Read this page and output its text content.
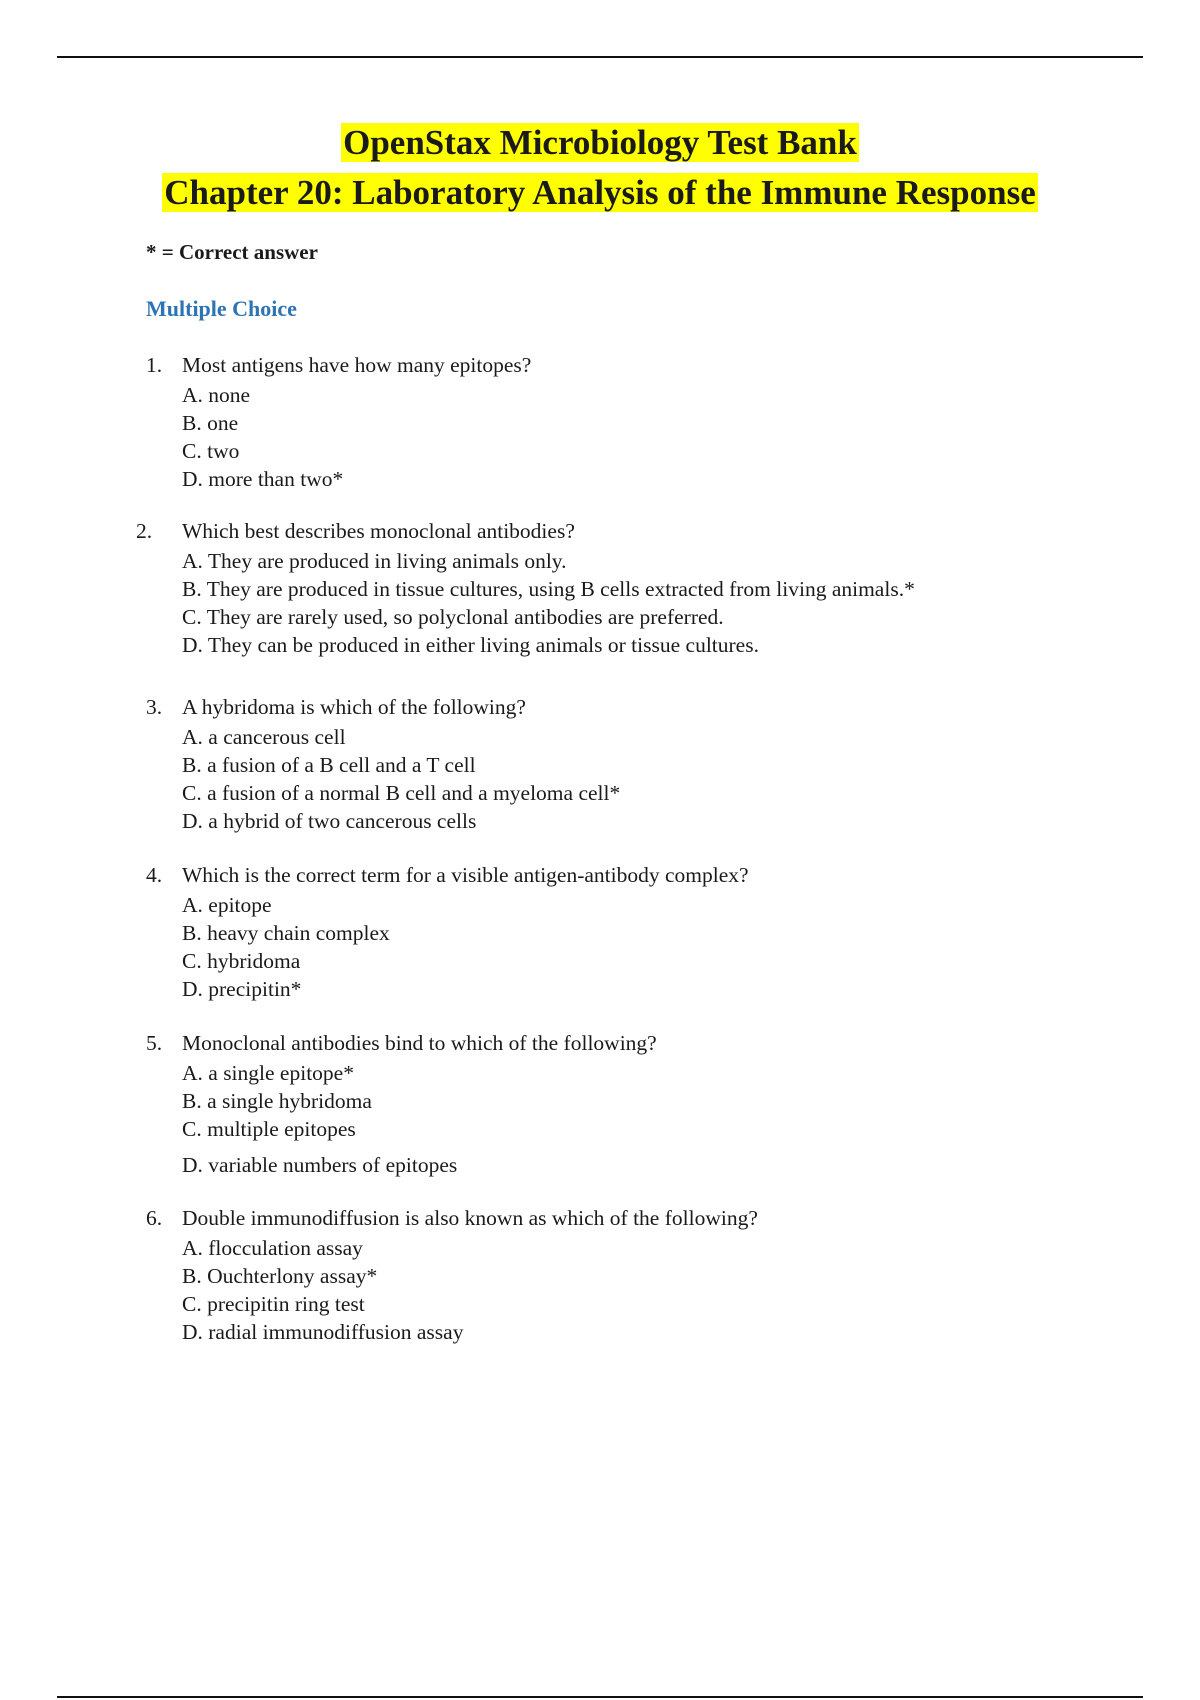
OpenStax Microbiology Test Bank
Chapter 20: Laboratory Analysis of the Immune Response
* = Correct answer
Multiple Choice
1. Most antigens have how many epitopes?
A. none
B. one
C. two
D. more than two*
2. Which best describes monoclonal antibodies?
A. They are produced in living animals only.
B. They are produced in tissue cultures, using B cells extracted from living animals.*
C. They are rarely used, so polyclonal antibodies are preferred.
D. They can be produced in either living animals or tissue cultures.
3. A hybridoma is which of the following?
A. a cancerous cell
B. a fusion of a B cell and a T cell
C. a fusion of a normal B cell and a myeloma cell*
D. a hybrid of two cancerous cells
4. Which is the correct term for a visible antigen-antibody complex?
A. epitope
B. heavy chain complex
C. hybridoma
D. precipitin*
5. Monoclonal antibodies bind to which of the following?
A. a single epitope*
B. a single hybridoma
C. multiple epitopes
D. variable numbers of epitopes
6. Double immunodiffusion is also known as which of the following?
A. flocculation assay
B. Ouchterlony assay*
C. precipitin ring test
D. radial immunodiffusion assay
